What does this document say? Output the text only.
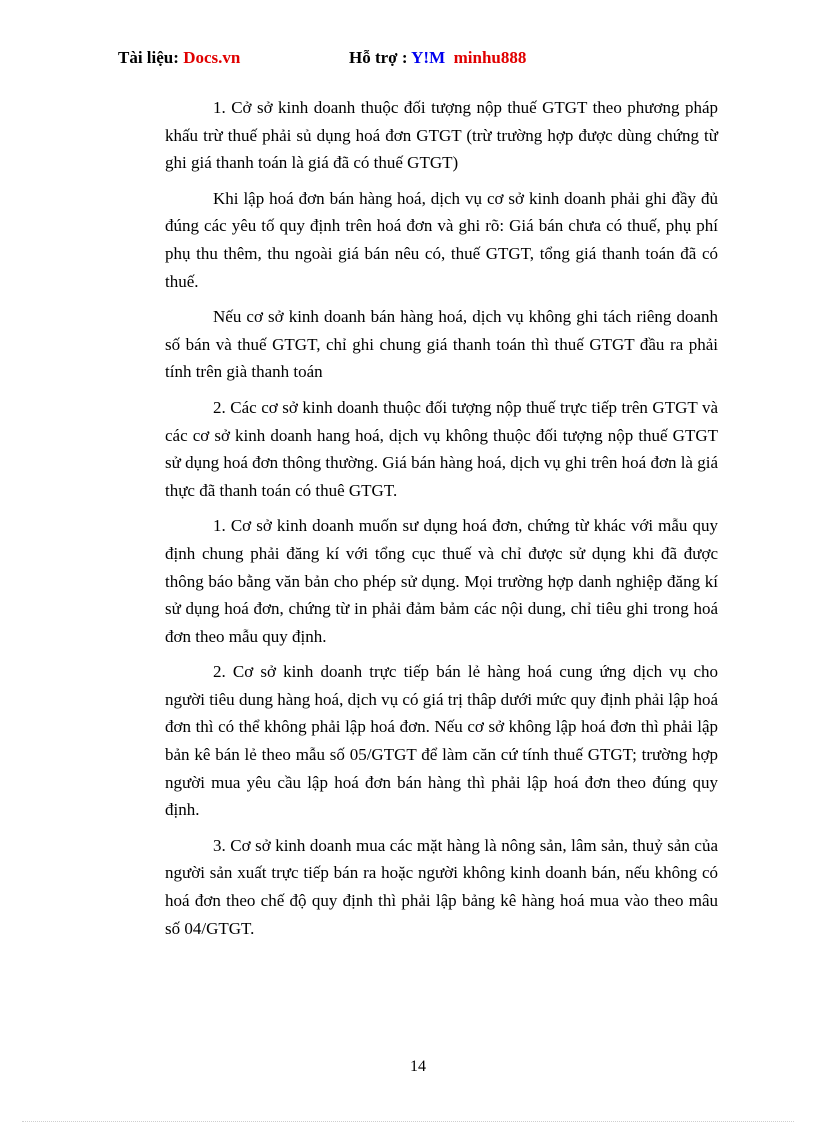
Tài liệu: Docs.vn	Hỗ trợ : Y!M minhu888

1. Cở sở kinh doanh thuộc đối tượng nộp thuế GTGT theo phương pháp khấu trừ thuế phải sủ dụng hoá đơn GTGT (trừ trường hợp được dùng chứng từ ghi giá thanh toán là giá đã có thuế GTGT)

Khi lập hoá đơn bán hàng hoá, dịch vụ cơ sở kinh doanh phải ghi đầy đủ đúng các yêu tố quy định trên hoá đơn và ghi rõ: Giá bán chưa có thuế, phụ phí phụ thu thêm, thu ngoài giá bán nêu có, thuế GTGT, tổng giá thanh toán đã có thuế.

Nếu cơ sở kinh doanh bán hàng hoá, dịch vụ không ghi tách riêng doanh số bán và thuế GTGT, chỉ ghi chung giá thanh toán thì thuế GTGT đầu ra phải tính trên già thanh toán

2. Các cơ sở kinh doanh thuộc đối tượng nộp thuế trực tiếp trên GTGT và các cơ sở kinh doanh hang hoá, dịch vụ không thuộc đối tượng nộp thuế GTGT sử dụng hoá đơn thông thường. Giá bán hàng hoá, dịch vụ ghi trên hoá đơn là giá thực đã thanh toán có thuê GTGT.

1. Cơ sở kinh doanh muốn sư dụng hoá đơn, chứng từ khác với mẫu quy định chung phải đăng kí với tổng cục thuế và chỉ được sử dụng khi đã được thông báo bằng văn bản cho phép sử dụng. Mọi trường hợp danh nghiệp đăng kí sử dụng hoá đơn, chứng từ in phải đảm bảm các nội dung, chỉ tiêu ghi trong hoá đơn theo mẫu quy định.

2. Cơ sở kinh doanh trực tiếp bán lẻ hàng hoá cung ứng dịch vụ cho người tiêu dung hàng hoá, dịch vụ có giá trị thâp dưới mức quy định phải lập hoá đơn thì có thể không phải lập hoá đơn. Nếu cơ sở không lập hoá đơn thì phải lập bản kê bán lẻ theo mẫu số 05/GTGT để làm căn cứ tính thuế GTGT; trường hợp người mua yêu cầu lập hoá đơn bán hàng thì phải lập hoá đơn theo đúng quy định.

3. Cơ sở kinh doanh mua các mặt hàng là nông sản, lâm sản, thuỷ sản của người sản xuất trực tiếp bán ra hoặc người không kinh doanh bán, nếu không có hoá đơn theo chế độ quy định thì phải lập bảng kê hàng hoá mua vào theo mâu số 04/GTGT.

14
